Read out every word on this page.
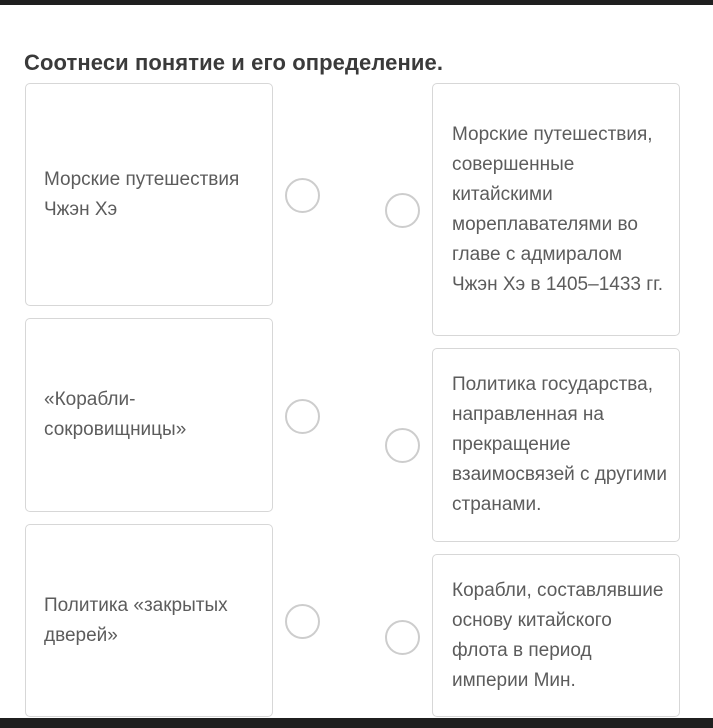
Соотнеси понятие и его определение.
Морские путешествия Чжэн Хэ
«Корабли-сокровищницы»
Политика «закрытых дверей»
Морские путешествия, совершенные китайскими мореплавателями во главе с адмиралом Чжэн Хэ в 1405–1433 гг.
Политика государства, направленная на прекращение взаимосвязей с другими странами.
Корабли, составлявшие основу китайского флота в период империи Мин.
